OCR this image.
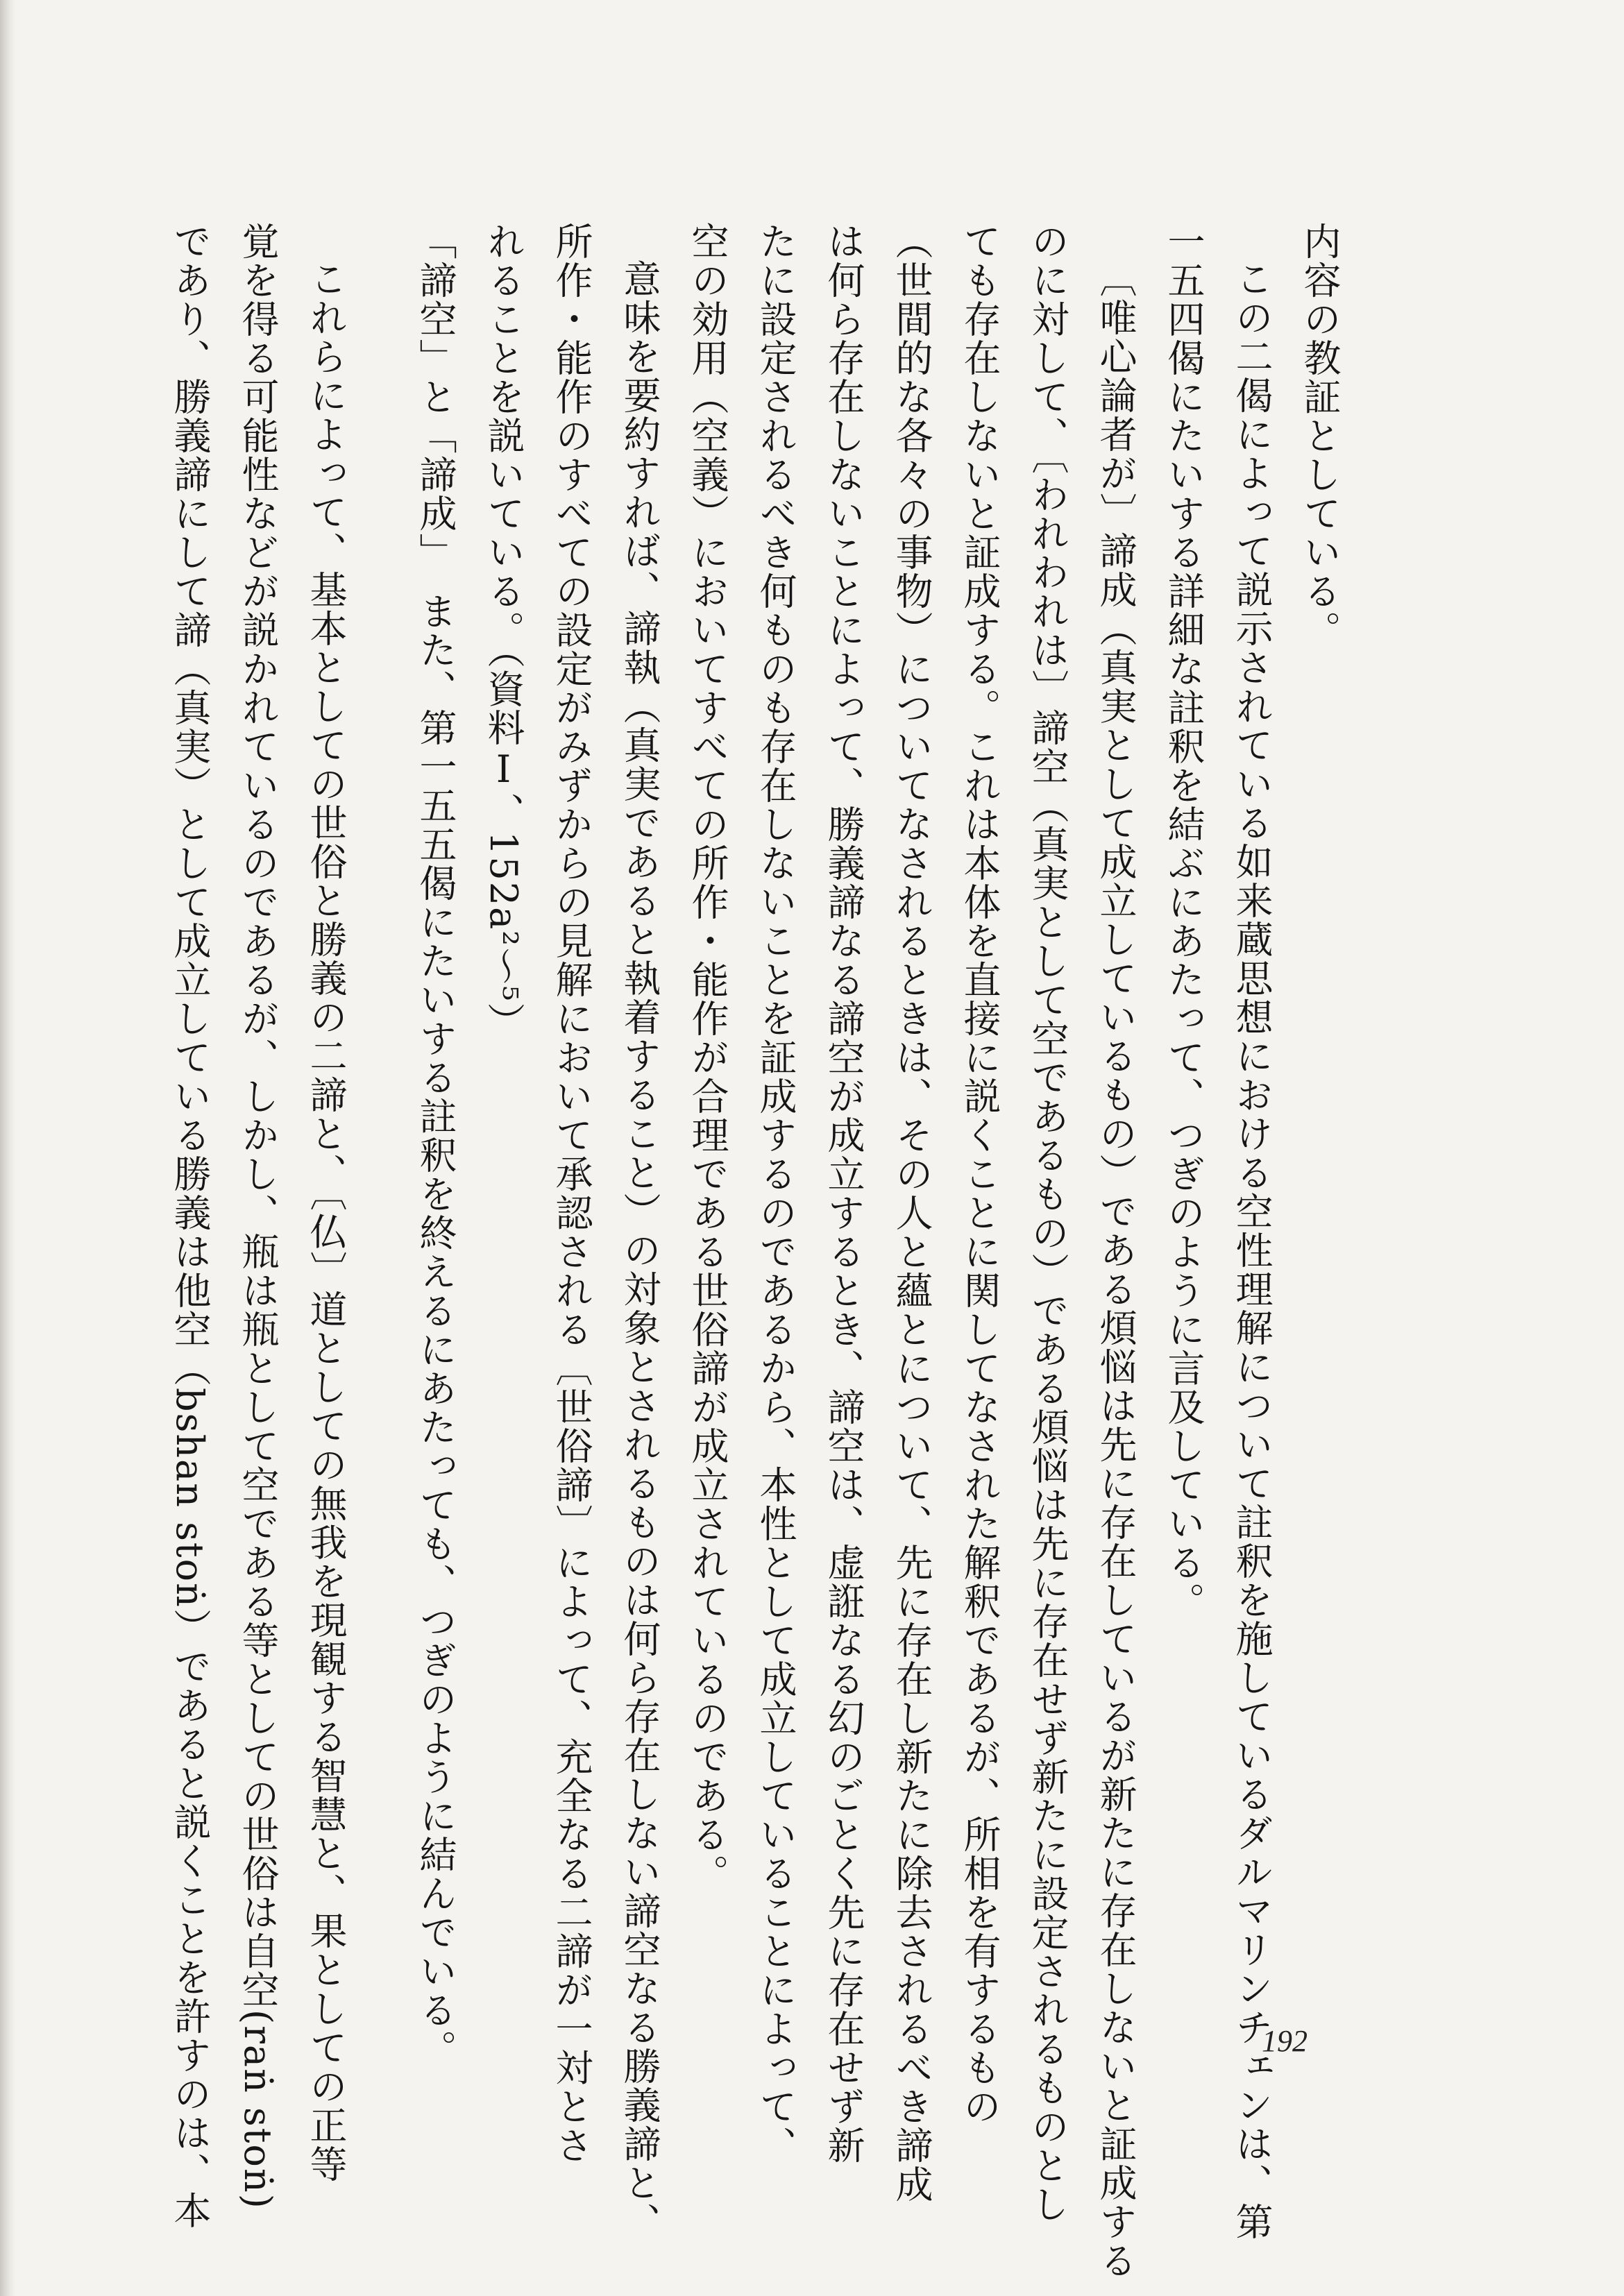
内容の教証としている。

この二偈によって説示されている如来蔵思想における空性理解について註釈を施しているダルマリンチェンは、第

一五四偈にたいする詳細な註釈を結ぶにあたって、つぎのように言及している。

〔唯心論者が〕諦成（真実として成立しているもの）である煩悩は先に存在しているが新たに存在しないと証成する

のに対して、〔われわれは〕諦空（真実として空であるもの）である煩悩は先に存在せず新たに設定されるものとし

ても存在しないと証成する。これは本体を直接に説くことに関してなされた解釈であるが、所相を有するもの

（世間的な各々の事物）についてなされるときは、その人と蘊とについて、先に存在し新たに除去されるべき諦成

は何ら存在しないことによって、勝義諦なる諦空が成立するとき、諦空は、虚誑なる幻のごとく先に存在せず新

たに設定されるべき何ものも存在しないことを証成するのであるから、本性として成立していることによって、

空の効用（空義）においてすべての所作・能作が合理である世俗諦が成立されているのである。

意味を要約すれば、諦執（真実であると執着すること）の対象とされるものは何ら存在しない諦空なる勝義諦と、

所作・能作のすべての設定がみずからの見解において承認される〔世俗諦〕によって、充全なる二諦が一対とさ

れることを説いている。（資料Ⅰ、152a²～⁵）

「諦空」と「諦成」　また、第一五五偈にたいする註釈を終えるにあたっても、つぎのように結んでいる。

これらによって、基本としての世俗と勝義の二諦と、〔仏〕道としての無我を現観する智慧と、果としての正等

覚を得る可能性などが説かれているのであるが、しかし、瓶は瓶として空である等としての世俗は自空(raṅ stoṅ)

であり、勝義諦にして諦（真実）として成立している勝義は他空（bshan stoṅ）であると説くことを許すのは、本	192
